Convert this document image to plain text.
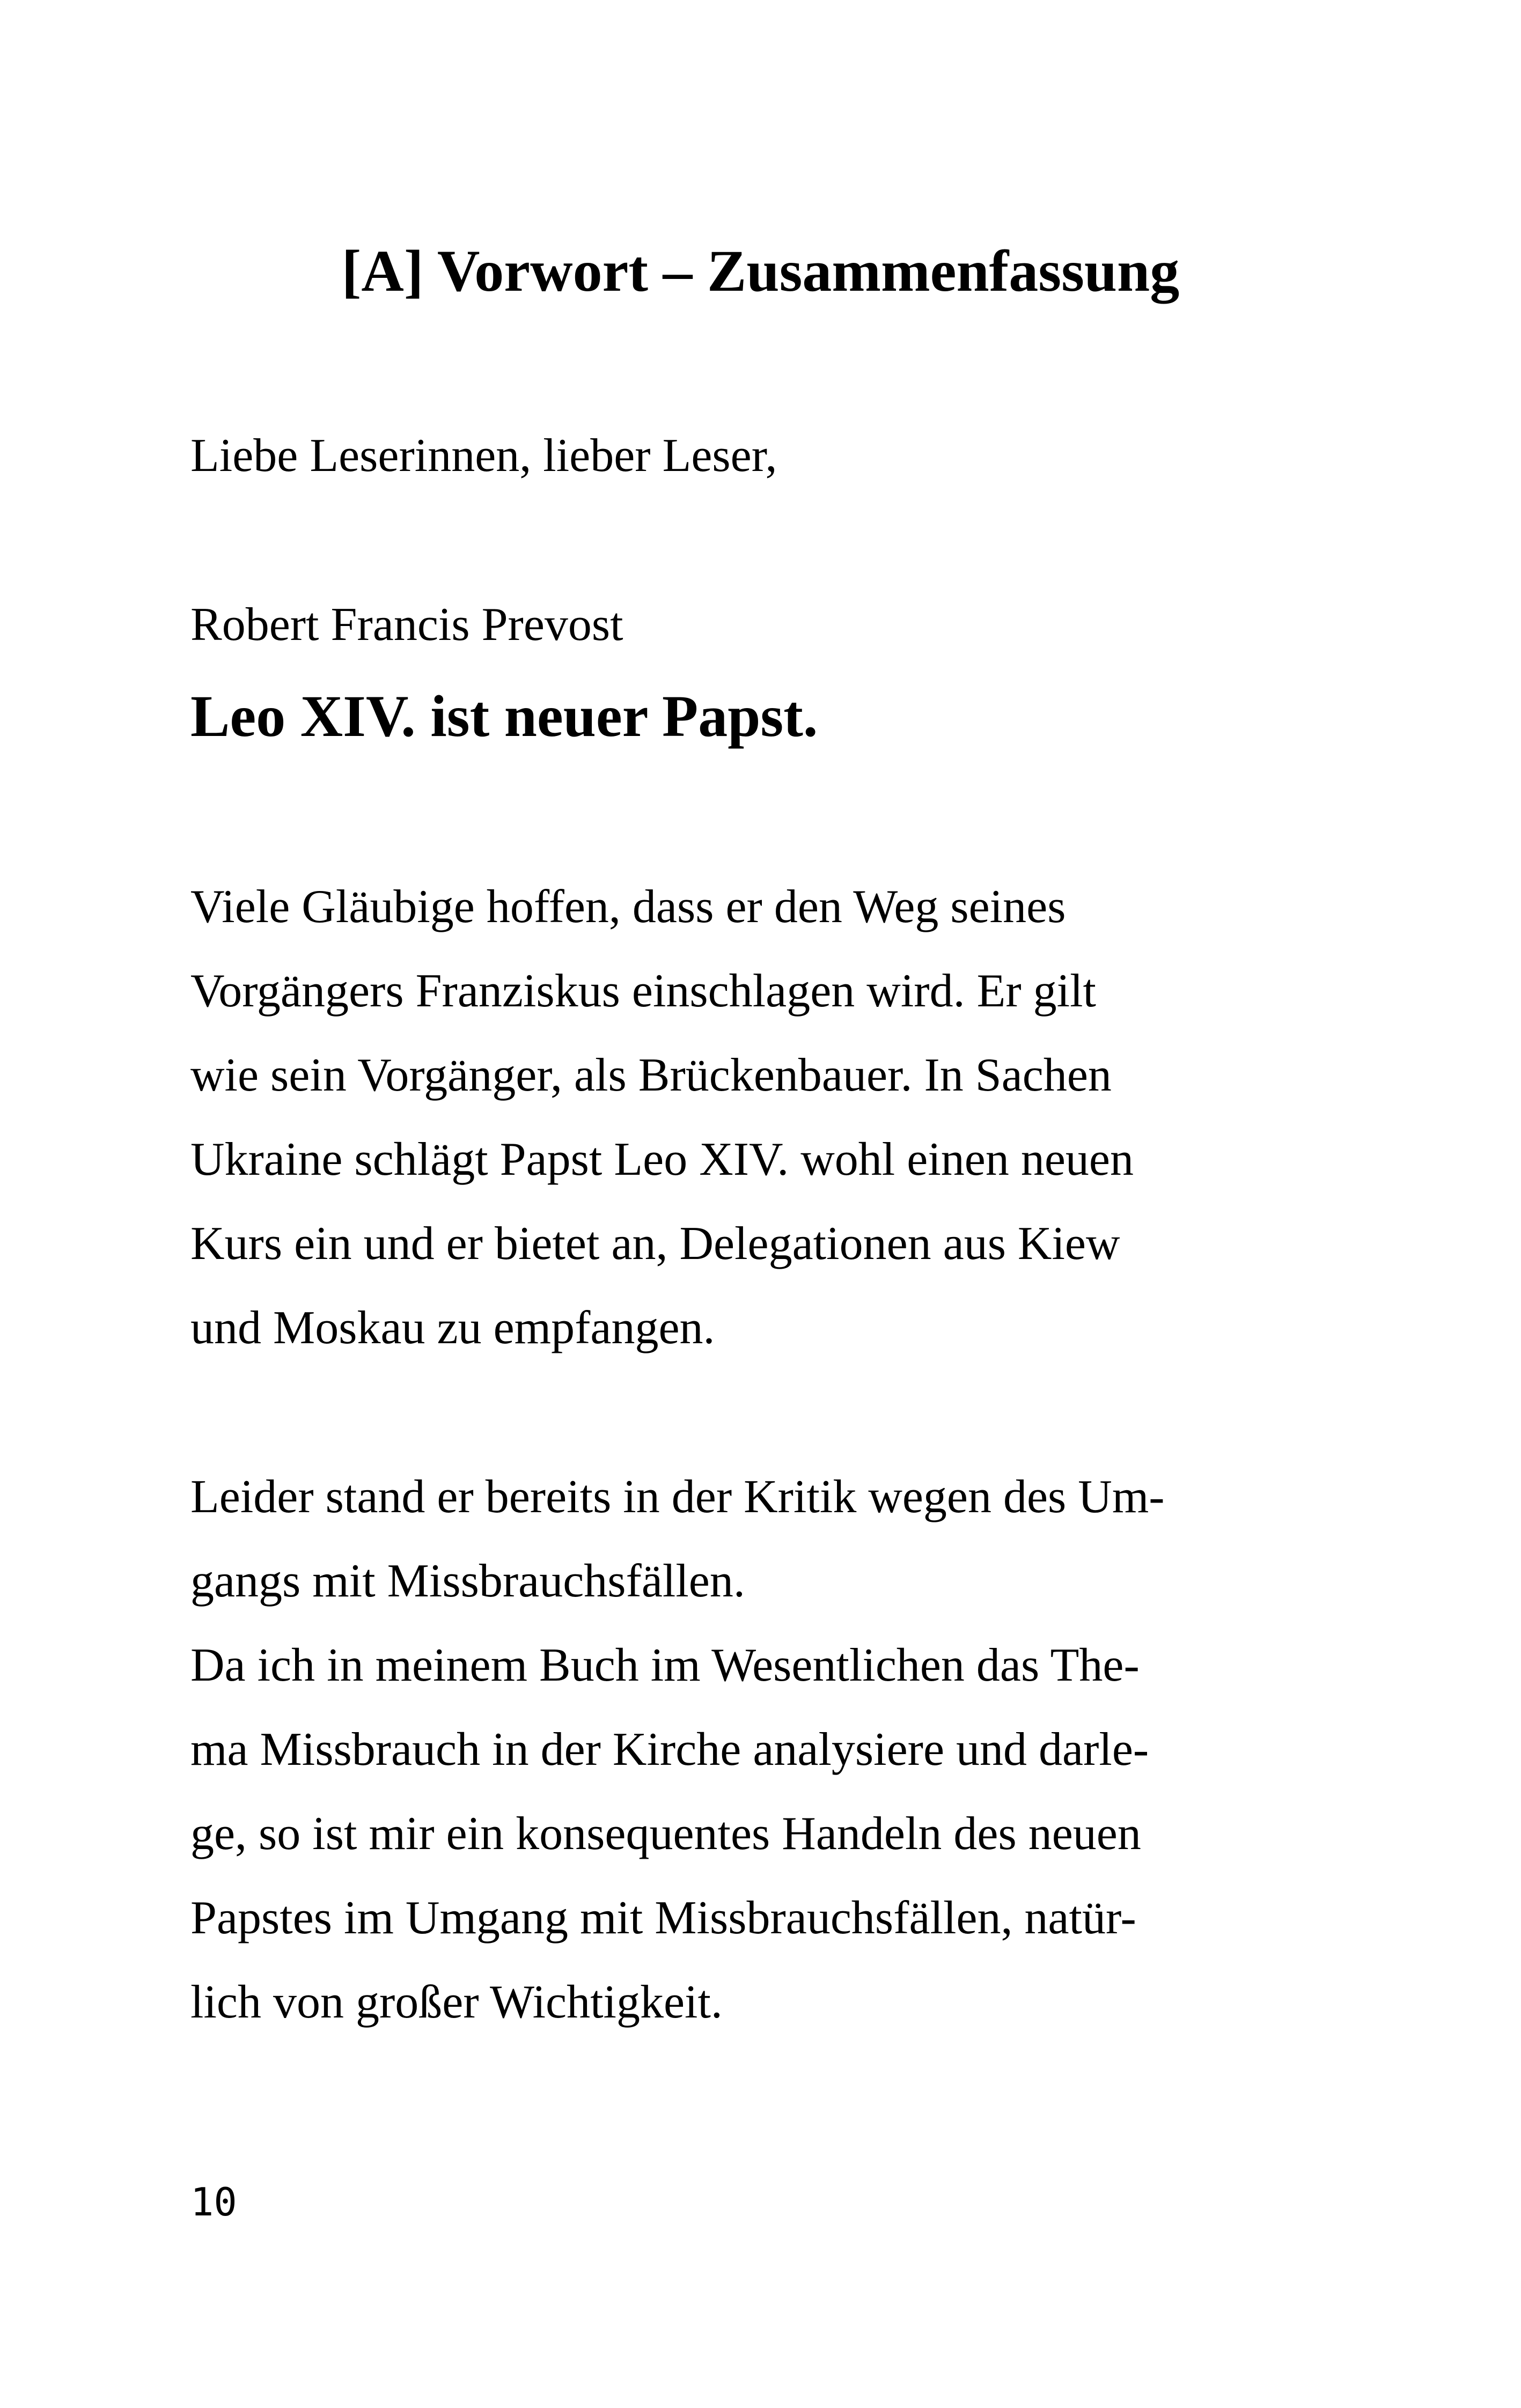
[A] Vorwort – Zusammenfassung

Liebe Leserinnen, lieber Leser,

Robert Francis Prevost

Leo XIV. ist neuer Papst.

Viele Gläubige hoffen, dass er den Weg seines
Vorgängers Franziskus einschlagen wird. Er gilt
wie sein Vorgänger, als Brückenbauer. In Sachen
Ukraine schlägt Papst Leo XIV. wohl einen neuen
Kurs ein und er bietet an, Delegationen aus Kiew
und Moskau zu empfangen.

Leider stand er bereits in der Kritik wegen des Um-
gangs mit Missbrauchsfällen.
Da ich in meinem Buch im Wesentlichen das The-
ma Missbrauch in der Kirche analysiere und darle-
ge, so ist mir ein konsequentes Handeln des neuen
Papstes im Umgang mit Missbrauchsfällen, natür-
lich von großer Wichtigkeit.

10
